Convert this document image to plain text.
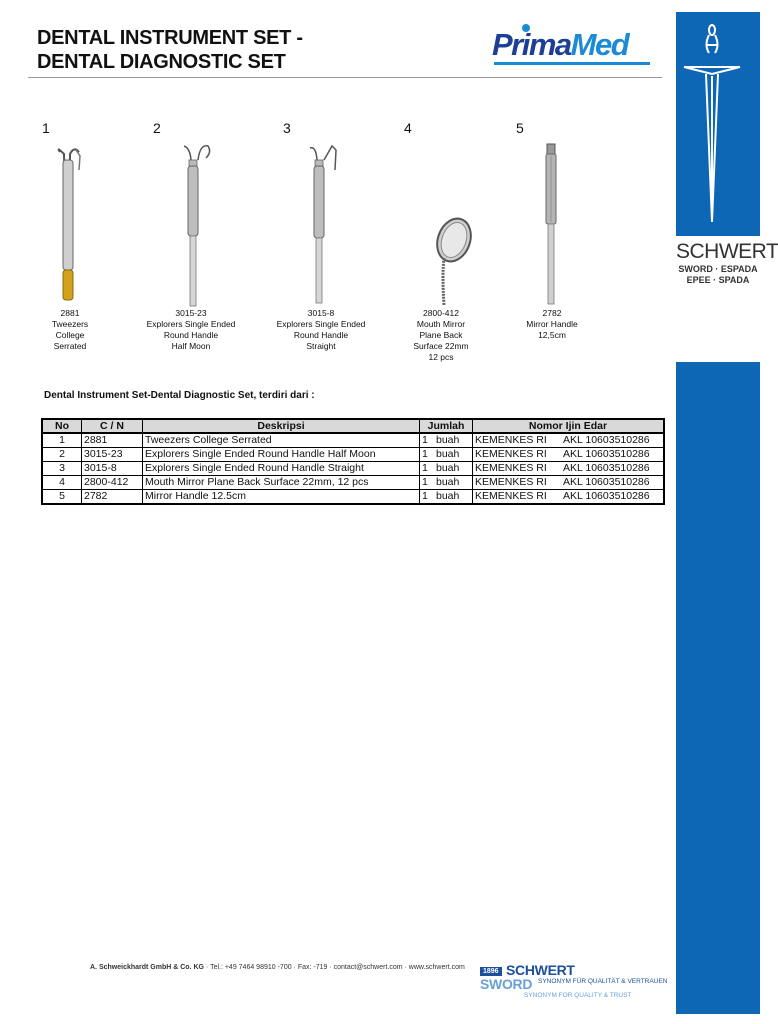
DENTAL INSTRUMENT SET -
DENTAL DIAGNOSTIC SET	PrimaMed
SCHWERT
SWORD · ESPADA
EPEE · SPADA
1
2881
Tweezers
College
Serrated
2
3015-23
Explorers Single Ended
Round Handle
Half Moon
3
3015-8
Explorers Single Ended
Round Handle
Straight
4
2800-412
Mouth Mirror
Plane Back
Surface 22mm
12 pcs
5
2782
Mirror Handle
12,5cm
Dental Instrument Set-Dental Diagnostic Set, terdiri dari :
No	C / N	Deskripsi	Jumlah	Nomor Ijin Edar
1	2881	Tweezers College Serrated	1 buah	KEMENKES RI AKL 10603510286
2	3015-23	Explorers Single Ended Round Handle Half Moon	1 buah	KEMENKES RI AKL 10603510286
3	3015-8	Explorers Single Ended Round Handle Straight	1 buah	KEMENKES RI AKL 10603510286
4	2800-412	Mouth Mirror Plane Back Surface 22mm, 12 pcs	1 buah	KEMENKES RI AKL 10603510286
5	2782	Mirror Handle 12.5cm	1 buah	KEMENKES RI AKL 10603510286
A. Schweickhardt GmbH & Co. KG · Tel.: +49 7464 98910 -700 · Fax: -719 · contact@schwert.com · www.schwert.com
1896 SCHWERT
SWORD SYNONYM FÜR QUALITÄT & VERTRAUEN
SYNONYM FOR QUALITY & TRUST
